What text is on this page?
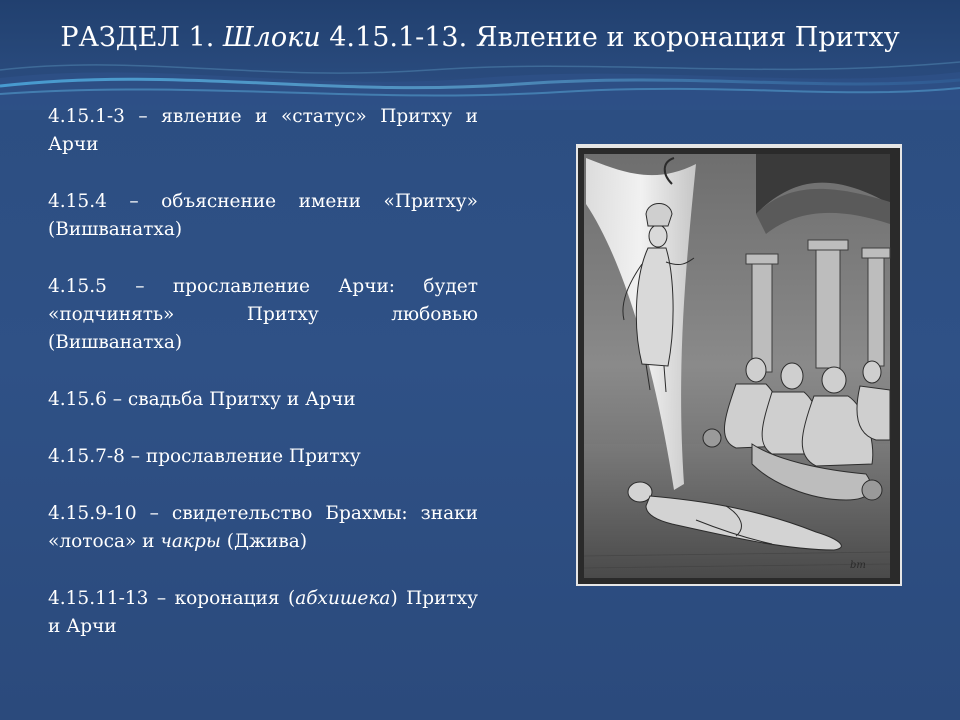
РАЗДЕЛ 1. Шлоки 4.15.1-13. Явление и коронация Притху
4.15.1-3 – явление и «статус» Притху и Арчи
4.15.4 – объяснение имени «Притху» (Вишванатха)
4.15.5 – прославление Арчи: будет «подчинять» Притху любовью (Вишванатха)
4.15.6 – свадьба Притху и Арчи
4.15.7-8 – прославление Притху
4.15.9-10 – свидетельство Брахмы: знаки «лотоса» и чакры (Джива)
4.15.11-13 – коронация (абхишека) Притху и Арчи
bm
